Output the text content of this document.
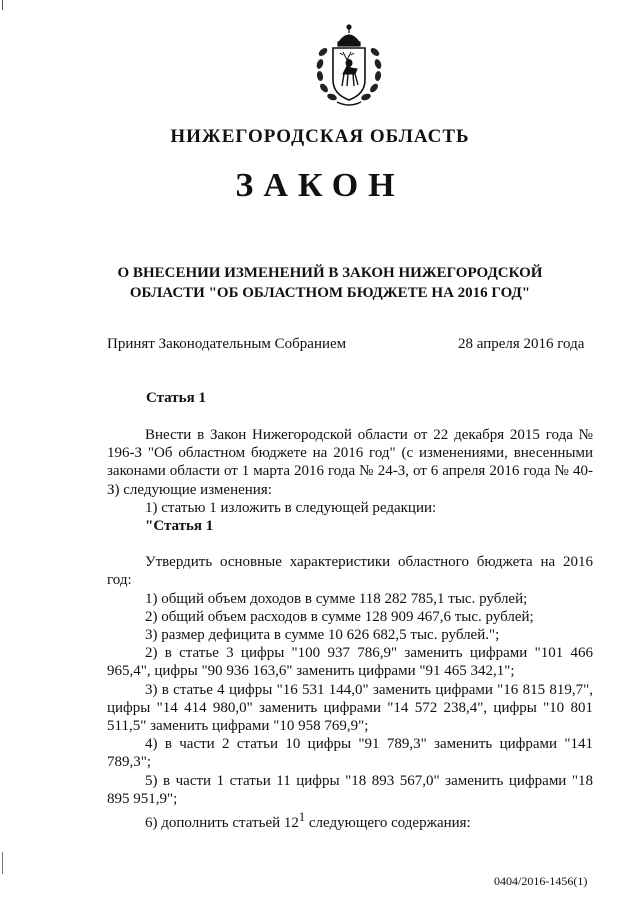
НИЖЕГОРОДСКАЯ ОБЛАСТЬ
ЗАКОН
О ВНЕСЕНИИ ИЗМЕНЕНИЙ В ЗАКОН НИЖЕГОРОДСКОЙ
ОБЛАСТИ "ОБ ОБЛАСТНОМ БЮДЖЕТЕ НА 2016 ГОД"
Принят Законодательным Собранием	28 апреля 2016 года
Статья 1

Внести в Закон Нижегородской области от 22 декабря 2015 года № 196-З "Об областном бюджете на 2016 год" (с изменениями, внесенными законами области от 1 марта 2016 года № 24-З, от 6 апреля 2016 года № 40-З) следующие изменения:

1) статью 1 изложить в следующей редакции:

"Статья 1

Утвердить основные характеристики областного бюджета на 2016 год:

1) общий объем доходов в сумме 118 282 785,1 тыс. рублей;

2) общий объем расходов в сумме 128 909 467,6 тыс. рублей;

3) размер дефицита в сумме 10 626 682,5 тыс. рублей.";

2) в статье 3 цифры "100 937 786,9" заменить цифрами "101 466 965,4", цифры "90 936 163,6" заменить цифрами "91 465 342,1";

3) в статье 4 цифры "16 531 144,0" заменить цифрами "16 815 819,7", цифры "14 414 980,0" заменить цифрами "14 572 238,4", цифры "10 801 511,5" заменить цифрами "10 958 769,9";

4) в части 2 статьи 10 цифры "91 789,3" заменить цифрами "141 789,3";

5) в части 1 статьи 11 цифры "18 893 567,0" заменить цифрами "18 895 951,9";

6) дополнить статьей $12^1$ следующего содержания:

0404/2016-1456(1)
